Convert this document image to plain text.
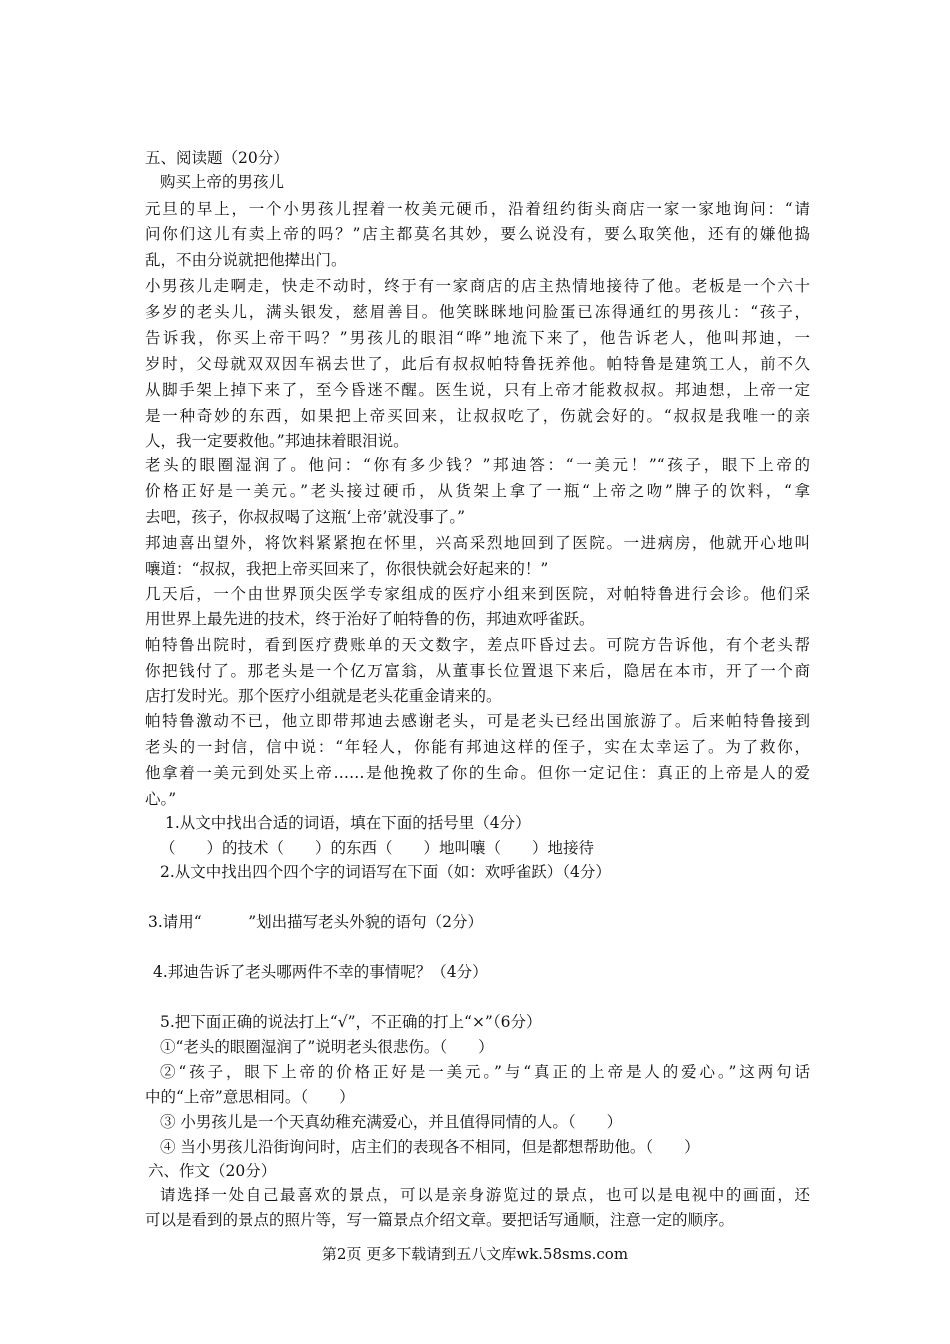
五、阅读题（20分）
购买上帝的男孩儿
元旦的早上，一个小男孩儿捏着一枚美元硬币，沿着纽约街头商店一家一家地询问：“请
问你们这儿有卖上帝的吗？”店主都莫名其妙，要么说没有，要么取笑他，还有的嫌他捣
乱，不由分说就把他撵出门。
小男孩儿走啊走，快走不动时，终于有一家商店的店主热情地接待了他。老板是一个六十
多岁的老头儿，满头银发，慈眉善目。他笑眯眯地问脸蛋已冻得通红的男孩儿：“孩子，
告诉我，你买上帝干吗？”男孩儿的眼泪“哗”地流下来了，他告诉老人，他叫邦迪，一
岁时，父母就双双因车祸去世了，此后有叔叔帕特鲁抚养他。帕特鲁是建筑工人，前不久
从脚手架上掉下来了，至今昏迷不醒。医生说，只有上帝才能救叔叔。邦迪想，上帝一定
是一种奇妙的东西，如果把上帝买回来，让叔叔吃了，伤就会好的。“叔叔是我唯一的亲
人，我一定要救他。”邦迪抹着眼泪说。
老头的眼圈湿润了。他问：“你有多少钱？”邦迪答：“一美元！”“孩子，眼下上帝的
价格正好是一美元。”老头接过硬币，从货架上拿了一瓶“上帝之吻”牌子的饮料，“拿
去吧，孩子，你叔叔喝了这瓶‘上帝’就没事了。”
邦迪喜出望外，将饮料紧紧抱在怀里，兴高采烈地回到了医院。一进病房，他就开心地叫
嚷道：“叔叔，我把上帝买回来了，你很快就会好起来的！”
几天后，一个由世界顶尖医学专家组成的医疗小组来到医院，对帕特鲁进行会诊。他们采
用世界上最先进的技术，终于治好了帕特鲁的伤，邦迪欢呼雀跃。
帕特鲁出院时，看到医疗费账单的天文数字，差点吓昏过去。可院方告诉他，有个老头帮
你把钱付了。那老头是一个亿万富翁，从董事长位置退下来后，隐居在本市，开了一个商
店打发时光。那个医疗小组就是老头花重金请来的。
帕特鲁激动不已，他立即带邦迪去感谢老头，可是老头已经出国旅游了。后来帕特鲁接到
老头的一封信，信中说：“年轻人，你能有邦迪这样的侄子，实在太幸运了。为了救你，
他拿着一美元到处买上帝……是他挽救了你的生命。但你一定记住：真正的上帝是人的爱
心。”
1.从文中找出合适的词语，填在下面的括号里（4分）
（　　）的技术（　　）的东西（　　）地叫嚷（　　）地接待
2.从文中找出四个四个字的词语写在下面（如：欢呼雀跃）（4分）
3.请用“　　　”划出描写老头外貌的语句（2分）
4.邦迪告诉了老头哪两件不幸的事情呢？（4分）
5.把下面正确的说法打上“√”，不正确的打上“×”（6分）
①“老头的眼圈湿润了”说明老头很悲伤。（　　）
②“孩子，眼下上帝的价格正好是一美元。”与“真正的上帝是人的爱心。”这两句话
中的“上帝”意思相同。（　　）
③ 小男孩儿是一个天真幼稚充满爱心，并且值得同情的人。（　　）
④ 当小男孩儿沿街询问时，店主们的表现各不相同，但是都想帮助他。（　　）
六、作文（20分）
请选择一处自己最喜欢的景点，可以是亲身游览过的景点，也可以是电视中的画面，还
可以是看到的景点的照片等，写一篇景点介绍文章。要把话写通顺，注意一定的顺序。
第2页 更多下载请到五八文库wk.58sms.com
